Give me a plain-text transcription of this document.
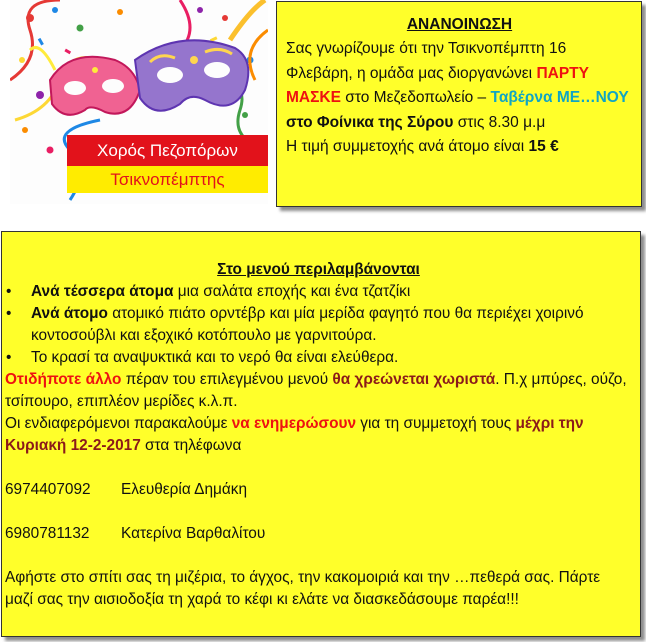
Χορός Πεζοπόρων
Τσικνοπέμπτης

ΑΝΑΝΟΙΝΩΣΗ

Σας γνωρίζουμε ότι την Τσικνοπέμπτη 16 Φλεβάρη, η ομάδα μας διοργανώνει ΠΑΡΤΥ ΜΑΣΚΕ στο Μεζεδοπωλείο – Ταβέρνα ΜΕ…ΝΟΥ στο Φοίνικα της Σύρου στις 8.30 μ.μ
Η τιμή συμμετοχής ανά άτομο είναι 15 €

Στο μενού περιλαμβάνονται

• Ανά τέσσερα άτομα μια σαλάτα εποχής και ένα τζατζίκι
• Ανά άτομο ατομικό πιάτο ορντέβρ και μία μερίδα φαγητό που θα περιέχει χοιρινό κοντοσούβλι και εξοχικό κοτόπουλο με γαρνιτούρα.
• Το κρασί τα αναψυκτικά και το νερό θα είναι ελεύθερα.

Οτιδήποτε άλλο πέραν του επιλεγμένου μενού θα χρεώνεται χωριστά. Π.χ μπύρες, ούζο, τσίπουρο, επιπλέον μερίδες κ.λ.π.

Οι ενδιαφερόμενοι παρακαλούμε να ενημερώσουν για τη συμμετοχή τους μέχρι την Κυριακή 12-2-2017 στα τηλέφωνα

6974407092 Ελευθερία Δημάκη

6980781132 Κατερίνα Βαρθαλίτου

Αφήστε στο σπίτι σας τη μιζέρια, το άγχος, την κακομοιριά και την …πεθερά σας. Πάρτε μαζί σας την αισιοδοξία τη χαρά το κέφι κι ελάτε να διασκεδάσουμε παρέα!!!
